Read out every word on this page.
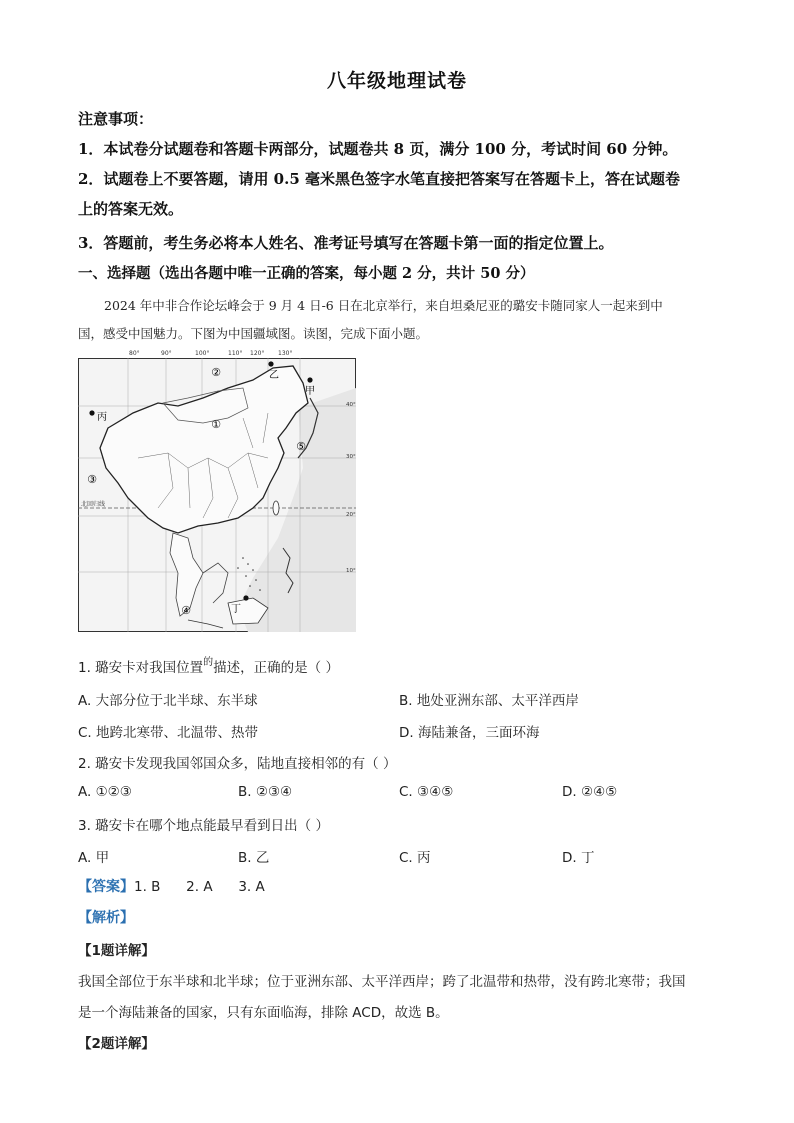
八年级地理试卷
注意事项：
1．本试卷分试题卷和答题卡两部分，试题卷共 8 页，满分 100 分，考试时间 60 分钟。
2．试题卷上不要答题，请用 0.5 毫米黑色签字水笔直接把答案写在答题卡上，答在试题卷
上的答案无效。
3．答题前，考生务必将本人姓名、准考证号填写在答题卡第一面的指定位置上。
一、选择题（选出各题中唯一正确的答案，每小题 2 分，共计 50 分）
2024 年中非合作论坛峰会于 9 月 4 日-6 日在北京举行，来自坦桑尼亚的璐安卡随同家人一起来到中
国，感受中国魅力。下图为中国疆域图。读图，完成下面小题。
①
②
③
④
⑤
甲
乙
丙
丁
北回归线
40°
30°
20°
10°
80°	90°	100°	110° 120° 130°
1. 璐安卡对我国位置$^的$描述，正确的是（ ）
A. 大部分位于北半球、东半球	B. 地处亚洲东部、太平洋西岸
C. 地跨北寒带、北温带、热带	D. 海陆兼备，三面环海
2. 璐安卡发现我国邻国众多，陆地直接相邻的有（ ）
A. ①②③	B. ②③④	C. ③④⑤	D. ②④⑤
3. 璐安卡在哪个地点能最早看到日出（ ）
A. 甲	B. 乙	C. 丙	D. 丁
【答案】1. B      2. A      3. A
【解析】
【1题详解】
我国全部位于东半球和北半球；位于亚洲东部、太平洋西岸；跨了北温带和热带，没有跨北寒带；我国
是一个海陆兼备的国家，只有东面临海，排除 ACD，故选 B。
【2题详解】
